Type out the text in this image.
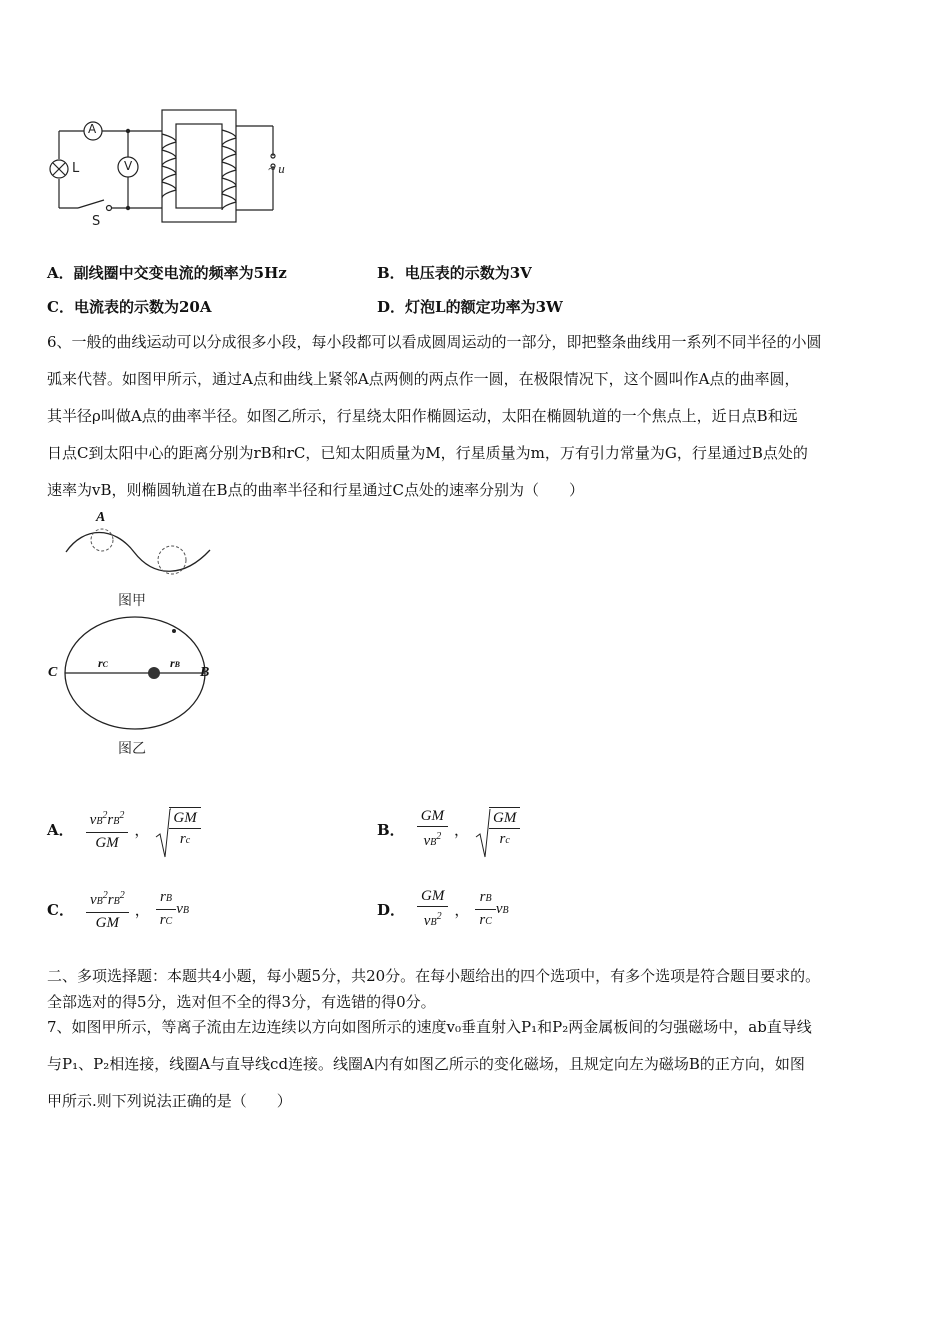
A
V
L
S
~ u
A．副线圈中交变电流的频率为5Hz	B．电压表的示数为3V
C．电流表的示数为20A	D．灯泡L的额定功率为3W
6、一般的曲线运动可以分成很多小段，每小段都可以看成圆周运动的一部分，即把整条曲线用一系列不同半径的小圆
弧来代替。如图甲所示，通过A点和曲线上紧邻A点两侧的两点作一圆，在极限情况下，这个圆叫作A点的曲率圆，
其半径ρ叫做A点的曲率半径。如图乙所示，行星绕太阳作椭圆运动，太阳在椭圆轨道的一个焦点上，近日点B和远
日点C到太阳中心的距离分别为rB和rC，已知太阳质量为M，行星质量为m，万有引力常量为G，行星通过B点处的
速率为vB，则椭圆轨道在B点的曲率半径和行星通过C点处的速率分别为（　　）
A
图甲
C	B
rC	rB
图乙
A． $\frac{vB^2rB^2}{GM}$ ， $\frac{GM}{rc}$	B． $\frac{GM}{vB^2}$ ， $\frac{GM}{rc}$
C． $\frac{vB^2rB^2}{GM}$ ， $\frac{rB}{rC}$ vB	D． $\frac{GM}{vB^2}$ ， $\frac{rB}{rC}$ vB
二、多项选择题：本题共4小题，每小题5分，共20分。在每小题给出的四个选项中，有多个选项是符合题目要求的。
全部选对的得5分，选对但不全的得3分，有选错的得0分。
7、如图甲所示，等离子流由左边连续以方向如图所示的速度v₀垂直射入P₁和P₂两金属板间的匀强磁场中，ab直导线
与P₁、P₂相连接，线圈A与直导线cd连接。线圈A内有如图乙所示的变化磁场，且规定向左为磁场B的正方向，如图
甲所示.则下列说法正确的是（　　）
